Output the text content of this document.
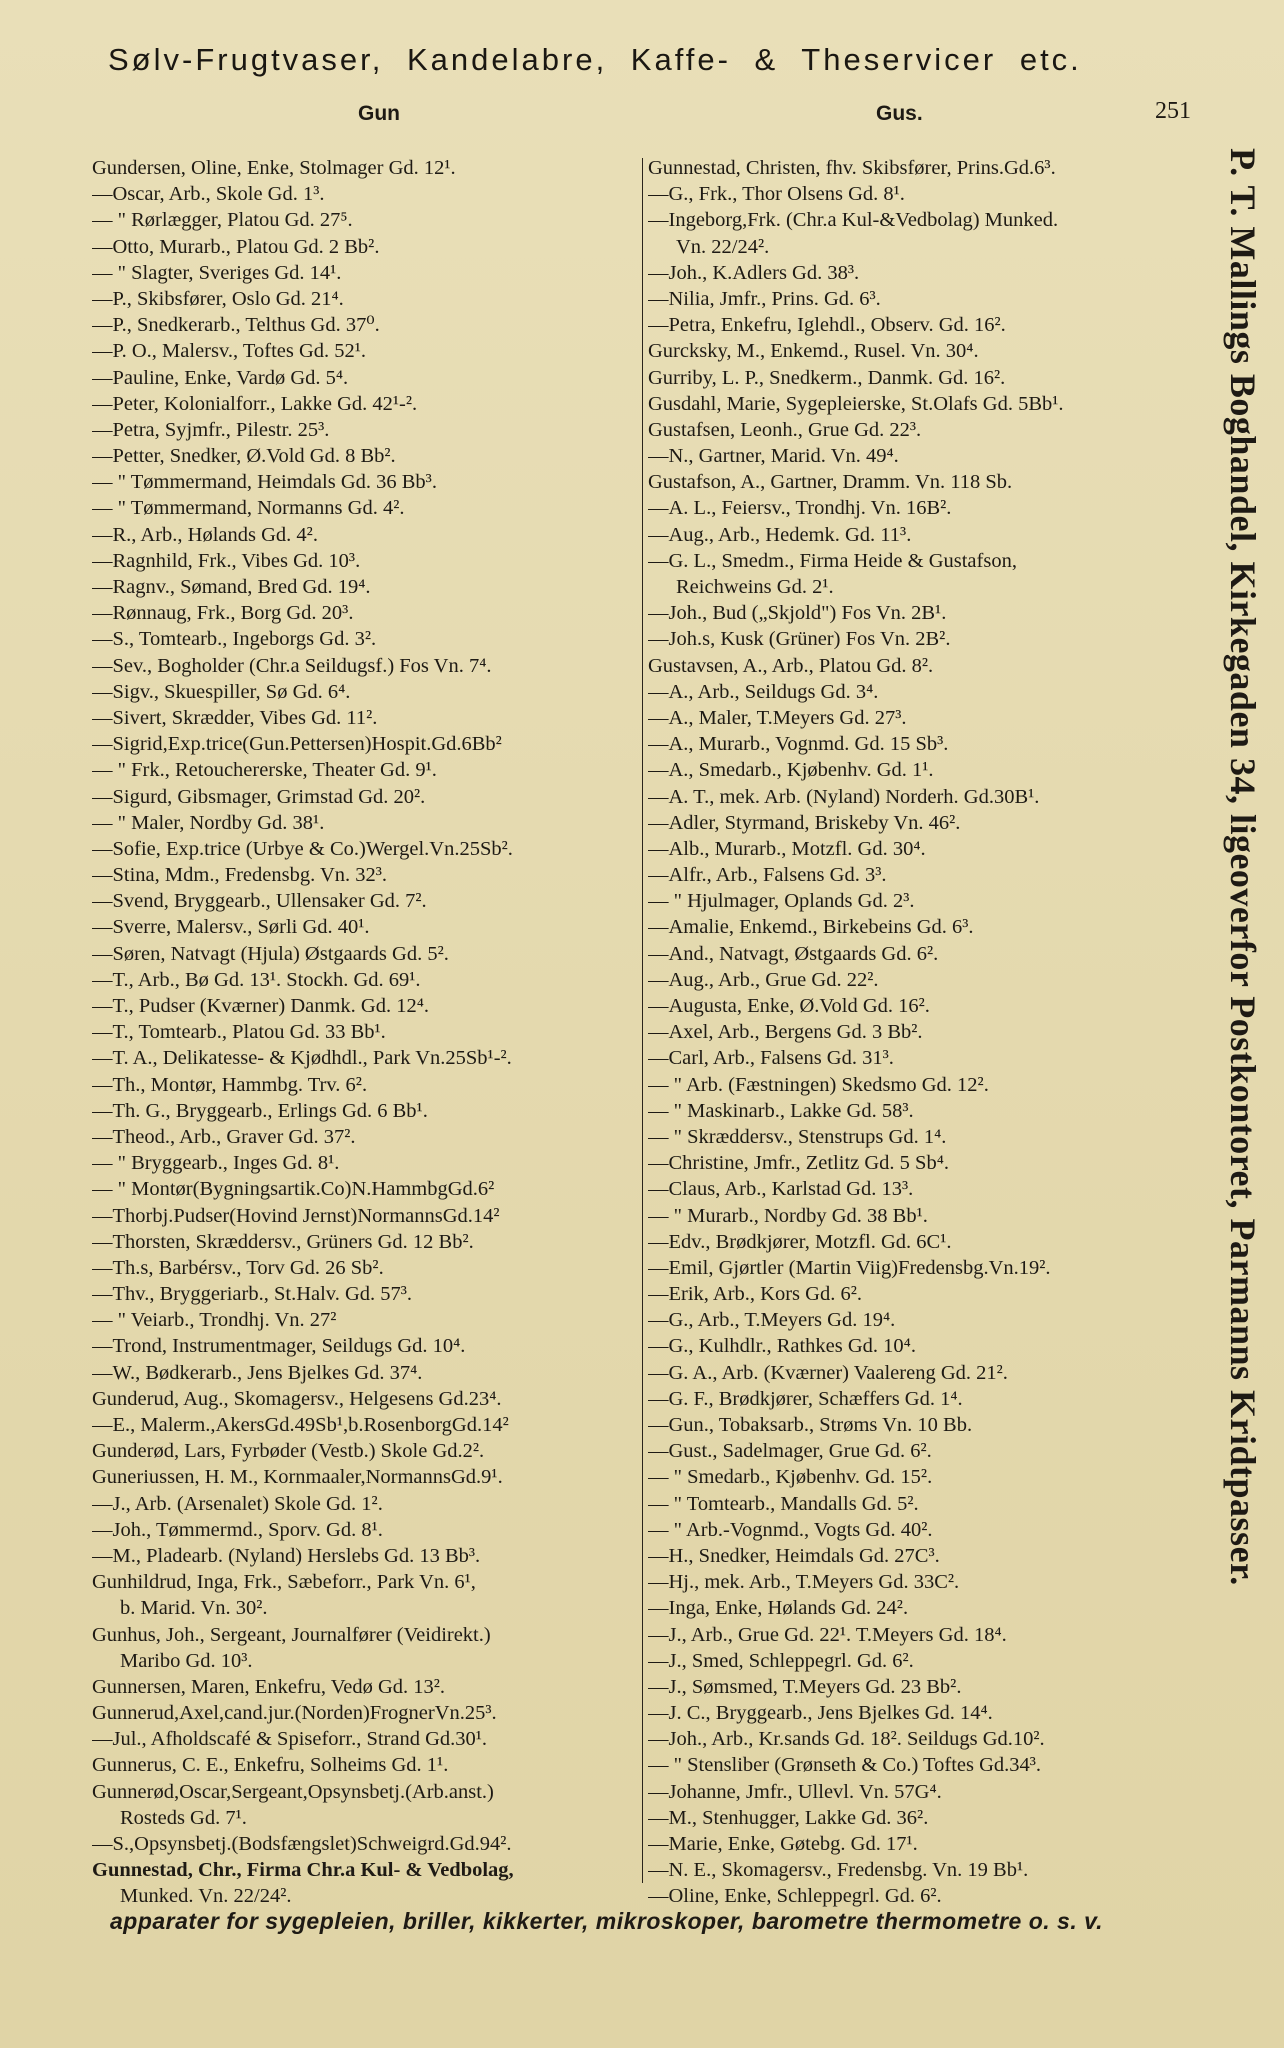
Sølv-Frugtvaser, Kandelabre, Kaffe- & Theservicer etc.
Gun	Gus.	251
Gundersen, Oline, Enke, Stolmager Gd. 12¹.
—Oscar, Arb., Skole Gd. 1³.
— " Rørlægger, Platou Gd. 27⁵.
—Otto, Murarb., Platou Gd. 2 Bb².
— " Slagter, Sveriges Gd. 14¹.
—P., Skibsfører, Oslo Gd. 21⁴.
—P., Snedkerarb., Telthus Gd. 37⁰.
—P. O., Malersv., Toftes Gd. 52¹.
—Pauline, Enke, Vardø Gd. 5⁴.
—Peter, Kolonialforr., Lakke Gd. 42¹‑².
—Petra, Syjmfr., Pilestr. 25³.
—Petter, Snedker, Ø.Vold Gd. 8 Bb².
— " Tømmermand, Heimdals Gd. 36 Bb³.
— " Tømmermand, Normanns Gd. 4².
—R., Arb., Hølands Gd. 4².
—Ragnhild, Frk., Vibes Gd. 10³.
—Ragnv., Sømand, Bred Gd. 19⁴.
—Rønnaug, Frk., Borg Gd. 20³.
—S., Tomtearb., Ingeborgs Gd. 3².
—Sev., Bogholder (Chr.a Seildugsf.) Fos Vn. 7⁴.
—Sigv., Skuespiller, Sø Gd. 6⁴.
—Sivert, Skrædder, Vibes Gd. 11².
—Sigrid,Exp.trice(Gun.Pettersen)Hospit.Gd.6Bb²
— " Frk., Retouchererske, Theater Gd. 9¹.
—Sigurd, Gibsmager, Grimstad Gd. 20².
— " Maler, Nordby Gd. 38¹.
—Sofie, Exp.trice (Urbye & Co.)Wergel.Vn.25Sb².
—Stina, Mdm., Fredensbg. Vn. 32³.
—Svend, Bryggearb., Ullensaker Gd. 7².
—Sverre, Malersv., Sørli Gd. 40¹.
—Søren, Natvagt (Hjula) Østgaards Gd. 5².
—T., Arb., Bø Gd. 13¹. Stockh. Gd. 69¹.
—T., Pudser (Kværner) Danmk. Gd. 12⁴.
—T., Tomtearb., Platou Gd. 33 Bb¹.
—T. A., Delikatesse- & Kjødhdl., Park Vn.25Sb¹‑².
—Th., Montør, Hammbg. Trv. 6².
—Th. G., Bryggearb., Erlings Gd. 6 Bb¹.
—Theod., Arb., Graver Gd. 37².
— " Bryggearb., Inges Gd. 8¹.
— " Montør(Bygningsartik.Co)N.HammbgGd.6²
—Thorbj.Pudser(Hovind Jernst)NormannsGd.14²
—Thorsten, Skræddersv., Grüners Gd. 12 Bb².
—Th.s, Barbérsv., Torv Gd. 26 Sb².
—Thv., Bryggeriarb., St.Halv. Gd. 57³.
— " Veiarb., Trondhj. Vn. 27²
—Trond, Instrumentmager, Seildugs Gd. 10⁴.
—W., Bødkerarb., Jens Bjelkes Gd. 37⁴.
Gunderud, Aug., Skomagersv., Helgesens Gd.23⁴.
—E., Malerm.,AkersGd.49Sb¹,b.RosenborgGd.14²
Gunderød, Lars, Fyrbøder (Vestb.) Skole Gd.2².
Guneriussen, H. M., Kornmaaler,NormannsGd.9¹.
—J., Arb. (Arsenalet) Skole Gd. 1².
—Joh., Tømmermd., Sporv. Gd. 8¹.
—M., Pladearb. (Nyland) Herslebs Gd. 13 Bb³.
Gunhildrud, Inga, Frk., Sæbeforr., Park Vn. 6¹,
b. Marid. Vn. 30².
Gunhus, Joh., Sergeant, Journalfører (Veidirekt.)
Maribo Gd. 10³.
Gunnersen, Maren, Enkefru, Vedø Gd. 13².
Gunnerud,Axel,cand.jur.(Norden)FrognerVn.25³.
—Jul., Afholdscafé & Spiseforr., Strand Gd.30¹.
Gunnerus, C. E., Enkefru, Solheims Gd. 1¹.
Gunnerød,Oscar,Sergeant,Opsynsbetj.(Arb.anst.)
Rosteds Gd. 7¹.
—S.,Opsynsbetj.(Bodsfængslet)Schweigrd.Gd.94².
Gunnestad, Chr., Firma Chr.a Kul- & Vedbolag,
Munked. Vn. 22/24².
Gunnestad, Christen, fhv. Skibsfører, Prins.Gd.6³.
—G., Frk., Thor Olsens Gd. 8¹.
—Ingeborg,Frk. (Chr.a Kul-&Vedbolag) Munked.
Vn. 22/24².
—Joh., K.Adlers Gd. 38³.
—Nilia, Jmfr., Prins. Gd. 6³.
—Petra, Enkefru, Iglehdl., Observ. Gd. 16².
Gurcksky, M., Enkemd., Rusel. Vn. 30⁴.
Gurriby, L. P., Snedkerm., Danmk. Gd. 16².
Gusdahl, Marie, Sygepleierske, St.Olafs Gd. 5Bb¹.
Gustafsen, Leonh., Grue Gd. 22³.
—N., Gartner, Marid. Vn. 49⁴.
Gustafson, A., Gartner, Dramm. Vn. 118 Sb.
—A. L., Feiersv., Trondhj. Vn. 16B².
—Aug., Arb., Hedemk. Gd. 11³.
—G. L., Smedm., Firma Heide & Gustafson,
Reichweins Gd. 2¹.
—Joh., Bud („Skjold") Fos Vn. 2B¹.
—Joh.s, Kusk (Grüner) Fos Vn. 2B².
Gustavsen, A., Arb., Platou Gd. 8².
—A., Arb., Seildugs Gd. 3⁴.
—A., Maler, T.Meyers Gd. 27³.
—A., Murarb., Vognmd. Gd. 15 Sb³.
—A., Smedarb., Kjøbenhv. Gd. 1¹.
—A. T., mek. Arb. (Nyland) Norderh. Gd.30B¹.
—Adler, Styrmand, Briskeby Vn. 46².
—Alb., Murarb., Motzfl. Gd. 30⁴.
—Alfr., Arb., Falsens Gd. 3³.
— " Hjulmager, Oplands Gd. 2³.
—Amalie, Enkemd., Birkebeins Gd. 6³.
—And., Natvagt, Østgaards Gd. 6².
—Aug., Arb., Grue Gd. 22².
—Augusta, Enke, Ø.Vold Gd. 16².
—Axel, Arb., Bergens Gd. 3 Bb².
—Carl, Arb., Falsens Gd. 31³.
— " Arb. (Fæstningen) Skedsmo Gd. 12².
— " Maskinarb., Lakke Gd. 58³.
— " Skræddersv., Stenstrups Gd. 1⁴.
—Christine, Jmfr., Zetlitz Gd. 5 Sb⁴.
—Claus, Arb., Karlstad Gd. 13³.
— " Murarb., Nordby Gd. 38 Bb¹.
—Edv., Brødkjører, Motzfl. Gd. 6C¹.
—Emil, Gjørtler (Martin Viig)Fredensbg.Vn.19².
—Erik, Arb., Kors Gd. 6².
—G., Arb., T.Meyers Gd. 19⁴.
—G., Kulhdlr., Rathkes Gd. 10⁴.
—G. A., Arb. (Kværner) Vaalereng Gd. 21².
—G. F., Brødkjører, Schæffers Gd. 1⁴.
—Gun., Tobaksarb., Strøms Vn. 10 Bb.
—Gust., Sadelmager, Grue Gd. 6².
— " Smedarb., Kjøbenhv. Gd. 15².
— " Tomtearb., Mandalls Gd. 5².
— " Arb.-Vognmd., Vogts Gd. 40².
—H., Snedker, Heimdals Gd. 27C³.
—Hj., mek. Arb., T.Meyers Gd. 33C².
—Inga, Enke, Hølands Gd. 24².
—J., Arb., Grue Gd. 22¹. T.Meyers Gd. 18⁴.
—J., Smed, Schleppegrl. Gd. 6².
—J., Sømsmed, T.Meyers Gd. 23 Bb².
—J. C., Bryggearb., Jens Bjelkes Gd. 14⁴.
—Joh., Arb., Kr.sands Gd. 18². Seildugs Gd.10².
— " Stensliber (Grønseth & Co.) Toftes Gd.34³.
—Johanne, Jmfr., Ullevl. Vn. 57G⁴.
—M., Stenhugger, Lakke Gd. 36².
—Marie, Enke, Gøtebg. Gd. 17¹.
—N. E., Skomagersv., Fredensbg. Vn. 19 Bb¹.
—Oline, Enke, Schleppegrl. Gd. 6².
P. T. Mallings Boghandel, Kirkegaden 34, ligeoverfor Postkontoret, Parmanns Kridtpasser.
apparater for sygepleien, briller, kikkerter, mikroskoper, barometre thermometre o. s. v.
